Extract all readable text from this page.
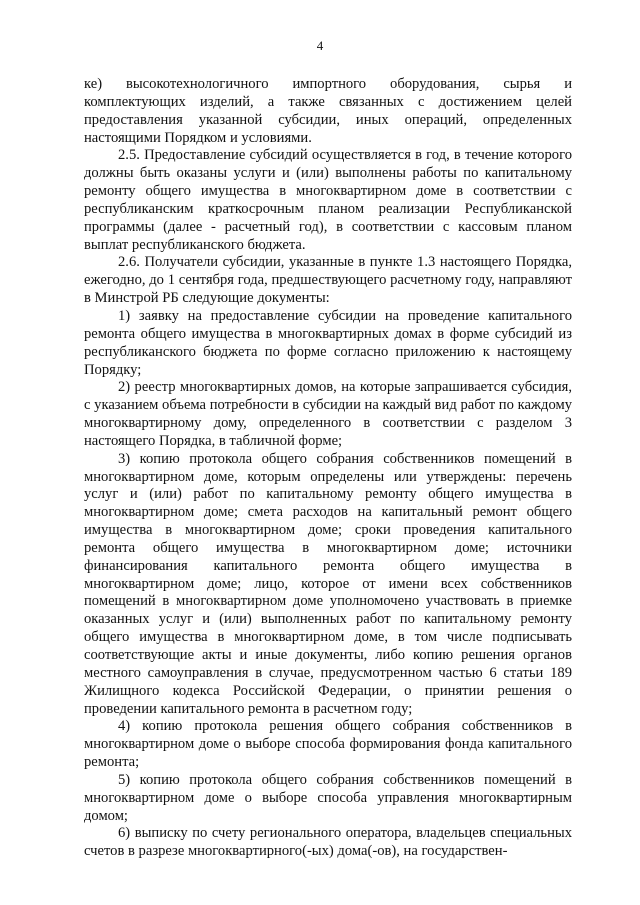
4

ке) высокотехнологичного импортного оборудования, сырья и комплектующих изделий, а также связанных с достижением целей предоставления указанной субсидии, иных операций, определенных настоящими Порядком и условиями.

2.5. Предоставление субсидий осуществляется в год, в течение которого должны быть оказаны услуги и (или) выполнены работы по капитальному ремонту общего имущества в многоквартирном доме в соответствии с республиканским краткосрочным планом реализации Республиканской программы (далее - расчетный год), в соответствии с кассовым планом выплат республиканского бюджета.

2.6. Получатели субсидии, указанные в пункте 1.3 настоящего Порядка, ежегодно, до 1 сентября года, предшествующего расчетному году, направляют в Минстрой РБ следующие документы:

1) заявку на предоставление субсидии на проведение капитального ремонта общего имущества в многоквартирных домах в форме субсидий из республиканского бюджета по форме согласно приложению к настоящему Порядку;

2) реестр многоквартирных домов, на которые запрашивается субсидия, с указанием объема потребности в субсидии на каждый вид работ по каждому многоквартирному дому, определенного в соответствии с разделом 3 настоящего Порядка, в табличной форме;

3) копию протокола общего собрания собственников помещений в многоквартирном доме, которым определены или утверждены: перечень услуг и (или) работ по капитальному ремонту общего имущества в многоквартирном доме; смета расходов на капитальный ремонт общего имущества в многоквартирном доме; сроки проведения капитального ремонта общего имущества в многоквартирном доме; источники финансирования капитального ремонта общего имущества в многоквартирном доме; лицо, которое от имени всех собственников помещений в многоквартирном доме уполномочено участвовать в приемке оказанных услуг и (или) выполненных работ по капитальному ремонту общего имущества в многоквартирном доме, в том числе подписывать соответствующие акты и иные документы, либо копию решения органов местного самоуправления в случае, предусмотренном частью 6 статьи 189 Жилищного кодекса Российской Федерации, о принятии решения о проведении капитального ремонта в расчетном году;

4) копию протокола решения общего собрания собственников в многоквартирном доме о выборе способа формирования фонда капитального ремонта;

5) копию протокола общего собрания собственников помещений в многоквартирном доме о выборе способа управления многоквартирным домом;

6) выписку по счету регионального оператора, владельцев специальных счетов в разрезе многоквартирного(-ых) дома(-ов), на государствен-
